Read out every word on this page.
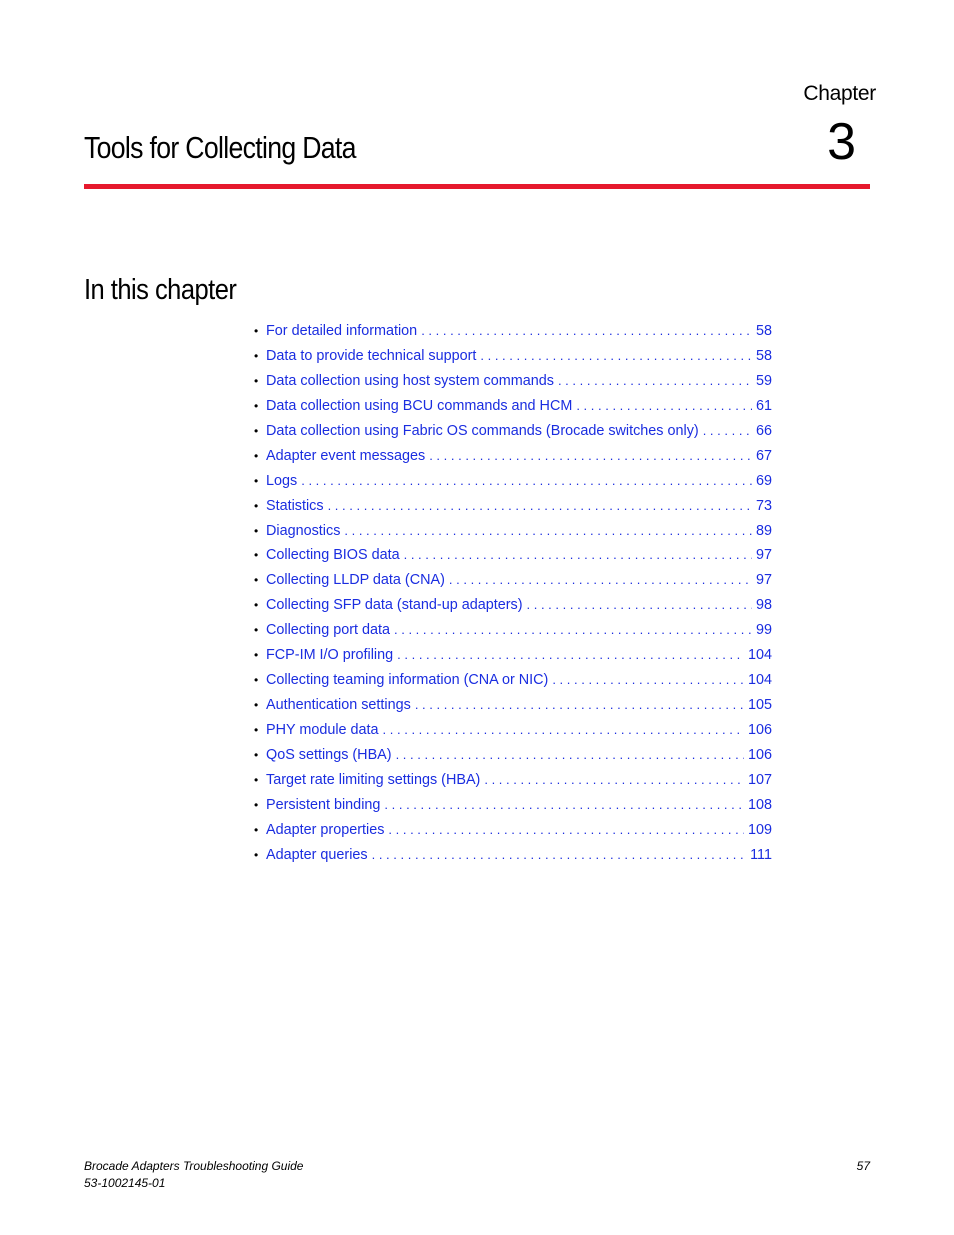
Chapter
3
Tools for Collecting Data
In this chapter
• For detailed information . . .	58
• Data to provide technical support . . .	58
• Data collection using host system commands . . .	59
• Data collection using BCU commands and HCM . . .	61
• Data collection using Fabric OS commands (Brocade switches only) . . .	66
• Adapter event messages . . .	67
• Logs . . .	69
• Statistics . . .	73
• Diagnostics . . .	89
• Collecting BIOS data . . .	97
• Collecting LLDP data (CNA) . . .	97
• Collecting SFP data (stand-up adapters) . . .	98
• Collecting port data . . .	99
• FCP-IM I/O profiling . . .	104
• Collecting teaming information (CNA or NIC) . . .	104
• Authentication settings . . .	105
• PHY module data . . .	106
• QoS settings (HBA) . . .	106
• Target rate limiting settings (HBA) . . .	107
• Persistent binding . . .	108
• Adapter properties . . .	109
• Adapter queries . . .	111
Brocade Adapters Troubleshooting Guide
53-1002145-01
57
